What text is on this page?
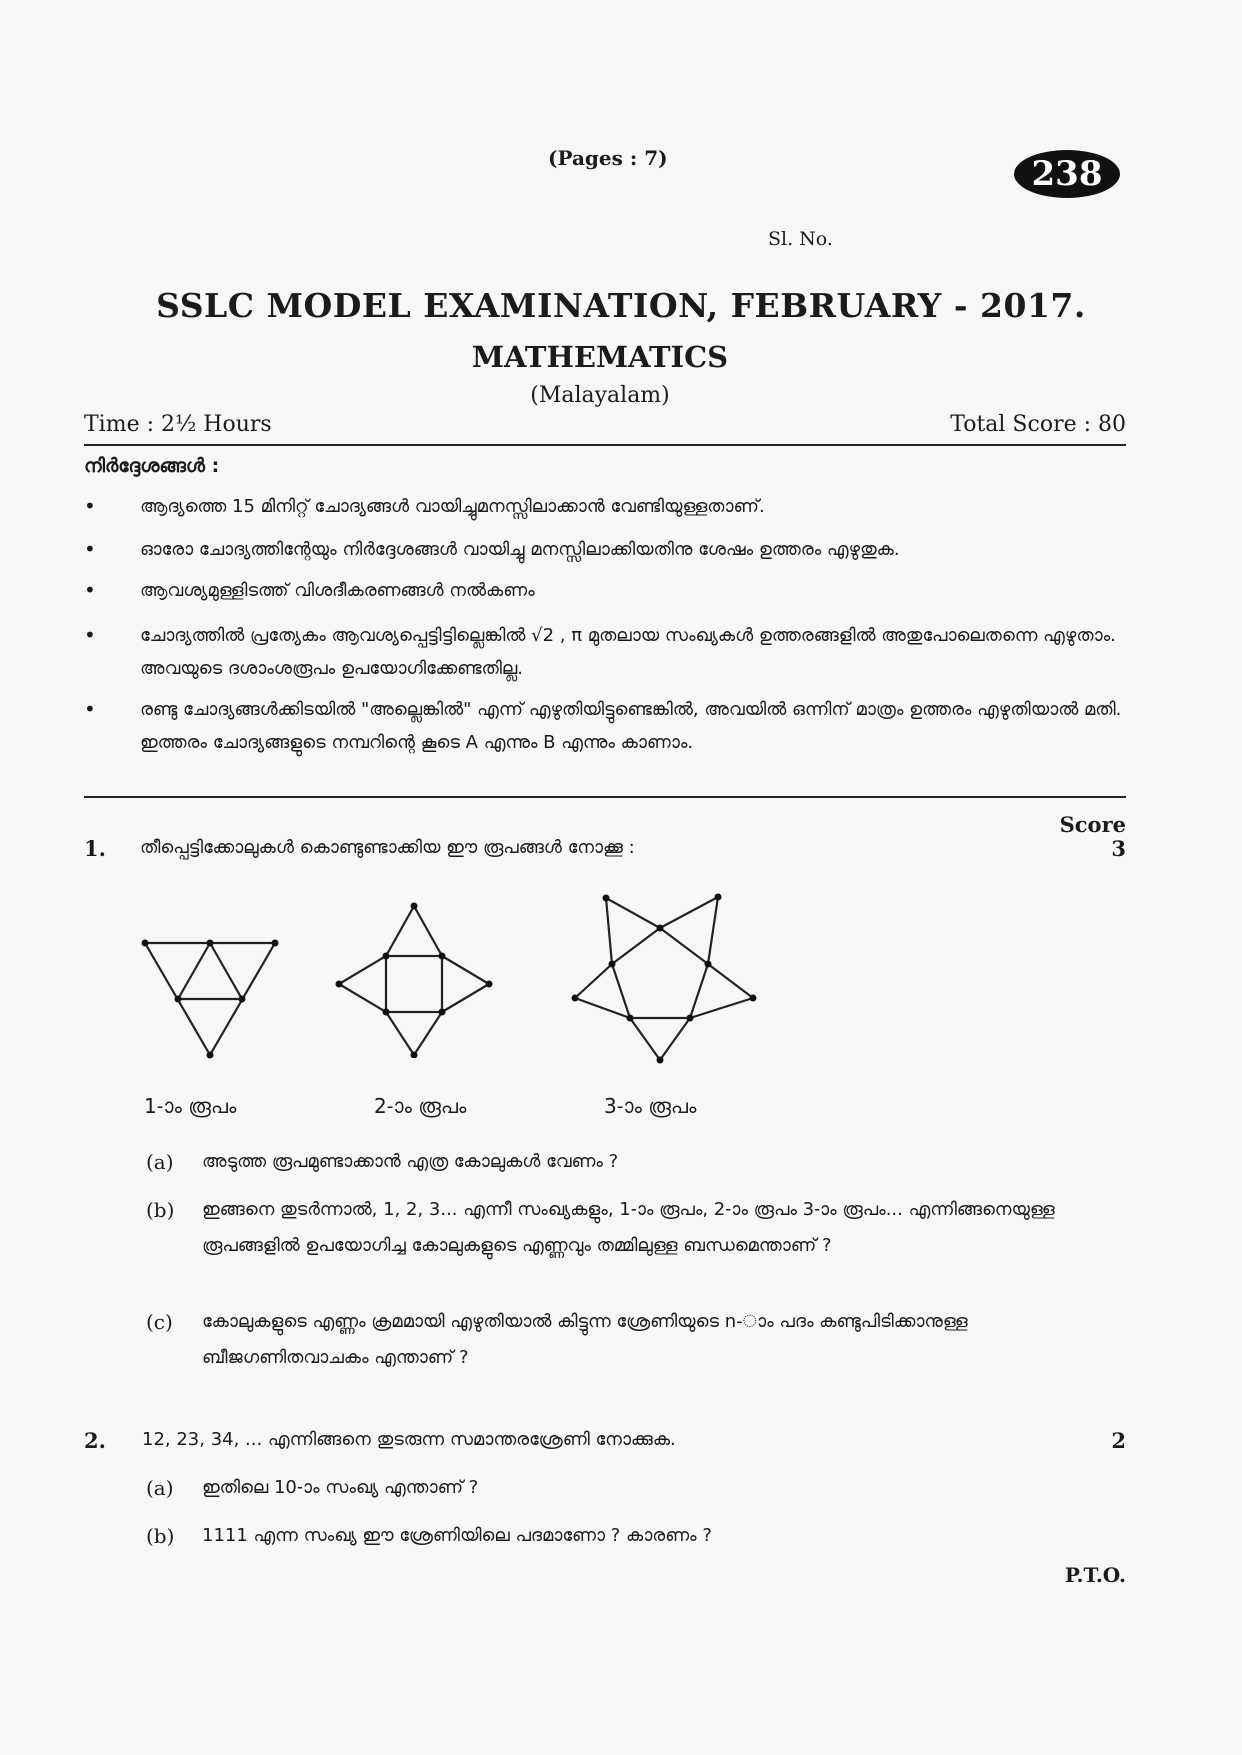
(Pages : 7)	238
Sl. No.
SSLC MODEL EXAMINATION, FEBRUARY - 2017.
MATHEMATICS
(Malayalam)
Time : 2½ Hours	Total Score : 80
നിർദ്ദേശങ്ങൾ :
• ആദ്യത്തെ 15 മിനിറ്റ് ചോദ്യങ്ങൾ വായിച്ചുമനസ്സിലാക്കാൻ വേണ്ടിയുള്ളതാണ്.
• ഓരോ ചോദ്യത്തിന്റേയും നിർദ്ദേശങ്ങൾ വായിച്ചു മനസ്സിലാക്കിയതിനു ശേഷം ഉത്തരം എഴുതുക.
• ആവശ്യമുള്ളിടത്ത് വിശദീകരണങ്ങൾ നൽകണം
• ചോദ്യത്തിൽ പ്രത്യേകം ആവശ്യപ്പെട്ടിട്ടില്ലെങ്കിൽ √2 , π മുതലായ സംഖ്യകൾ ഉത്തരങ്ങളിൽ അതുപോലെതന്നെ എഴുതാം. അവയുടെ ദശാംശരൂപം ഉപയോഗിക്കേണ്ടതില്ല.
• രണ്ടു ചോദ്യങ്ങൾക്കിടയിൽ "അല്ലെങ്കിൽ" എന്ന് എഴുതിയിട്ടുണ്ടെങ്കിൽ, അവയിൽ ഒന്നിന് മാത്രം ഉത്തരം എഴുതിയാൽ മതി. ഇത്തരം ചോദ്യങ്ങളുടെ നമ്പറിന്റെ കൂടെ A എന്നും B എന്നും കാണാം.
Score
1. തീപ്പെട്ടിക്കോലുകൾ കൊണ്ടുണ്ടാക്കിയ ഈ രൂപങ്ങൾ നോക്കൂ :	3
1-ാം രൂപം	2-ാം രൂപം	3-ാം രൂപം
(a) അടുത്ത രൂപമുണ്ടാക്കാൻ എത്ര കോലുകൾ വേണം ?
(b) ഇങ്ങനെ തുടർന്നാൽ, 1, 2, 3... എന്നീ സംഖ്യകളും, 1-ാം രൂപം, 2-ാം രൂപം 3-ാം രൂപം... എന്നിങ്ങനെയുള്ള രൂപങ്ങളിൽ ഉപയോഗിച്ച കോലുകളുടെ എണ്ണവും തമ്മിലുള്ള ബന്ധമെന്താണ് ?
(c) കോലുകളുടെ എണ്ണം ക്രമമായി എഴുതിയാൽ കിട്ടുന്ന ശ്രേണിയുടെ n-ാം പദം കണ്ടുപിടിക്കാനുള്ള ബീജഗണിതവാചകം എന്താണ് ?
2. 12, 23, 34, ... എന്നിങ്ങനെ തുടരുന്ന സമാന്തരശ്രേണി നോക്കുക.	2
(a) ഇതിലെ 10-ാം സംഖ്യ എന്താണ് ?
(b) 1111 എന്ന സംഖ്യ ഈ ശ്രേണിയിലെ പദമാണോ ? കാരണം ?
P.T.O.
